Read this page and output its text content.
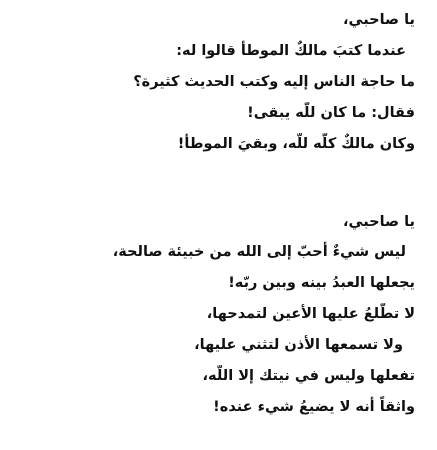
يا صاحبي،
عندما كتبَ مالكٌ الموطأ قالوا له:
ما حاجة الناس إليه وكتب الحديث كثيرة؟
فقال: ما كان للّه يبقى!
وكان مالكٌ كلّه للّه، وبقيَ الموطأ!
يا صاحبي،
ليس شيءٌ أحبّ إلى الله من خبيئة صالحة،
يجعلها العبدُ بينه وبين ربّه!
لا تطّلعُ عليها الأعين لتمدحها،
ولا تسمعها الأذن لتثني عليها،
تفعلها وليس في نيتك إلا اللّه،
واثقاً أنه لا يضيعُ شيء عنده!
